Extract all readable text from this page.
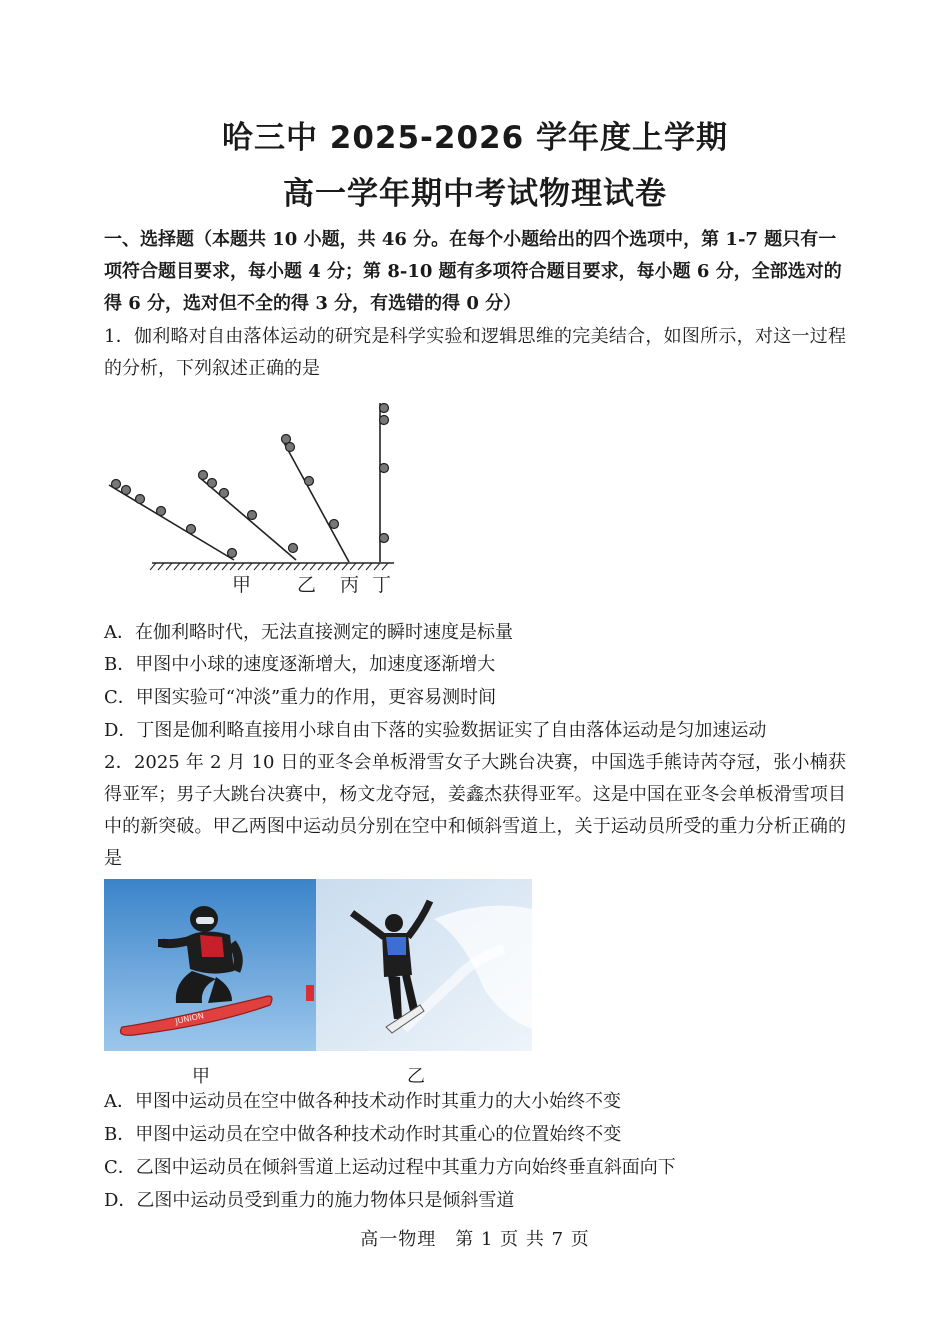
哈三中 2025-2026 学年度上学期
高一学年期中考试物理试卷
一、选择题（本题共 10 小题，共 46 分。在每个小题给出的四个选项中，第 1-7 题只有一项符合题目要求，每小题 4 分；第 8-10 题有多项符合题目要求，每小题 6 分，全部选对的得 6 分，选对但不全的得 3 分，有选错的得 0 分）
1．伽利略对自由落体运动的研究是科学实验和逻辑思维的完美结合，如图所示，对这一过程的分析，下列叙述正确的是
甲 乙 丙 丁
A．在伽利略时代，无法直接测定的瞬时速度是标量
B．甲图中小球的速度逐渐增大，加速度逐渐增大
C．甲图实验可“冲淡”重力的作用，更容易测时间
D．丁图是伽利略直接用小球自由下落的实验数据证实了自由落体运动是匀加速运动
2．2025 年 2 月 10 日的亚冬会单板滑雪女子大跳台决赛，中国选手熊诗芮夺冠，张小楠获得亚军；男子大跳台决赛中，杨文龙夺冠，姜鑫杰获得亚军。这是中国在亚冬会单板滑雪项目中的新突破。甲乙两图中运动员分别在空中和倾斜雪道上，关于运动员所受的重力分析正确的是
JUNION
甲	乙
A．甲图中运动员在空中做各种技术动作时其重力的大小始终不变
B．甲图中运动员在空中做各种技术动作时其重心的位置始终不变
C．乙图中运动员在倾斜雪道上运动过程中其重力方向始终垂直斜面向下
D．乙图中运动员受到重力的施力物体只是倾斜雪道
高一物理　第 1 页 共 7 页
